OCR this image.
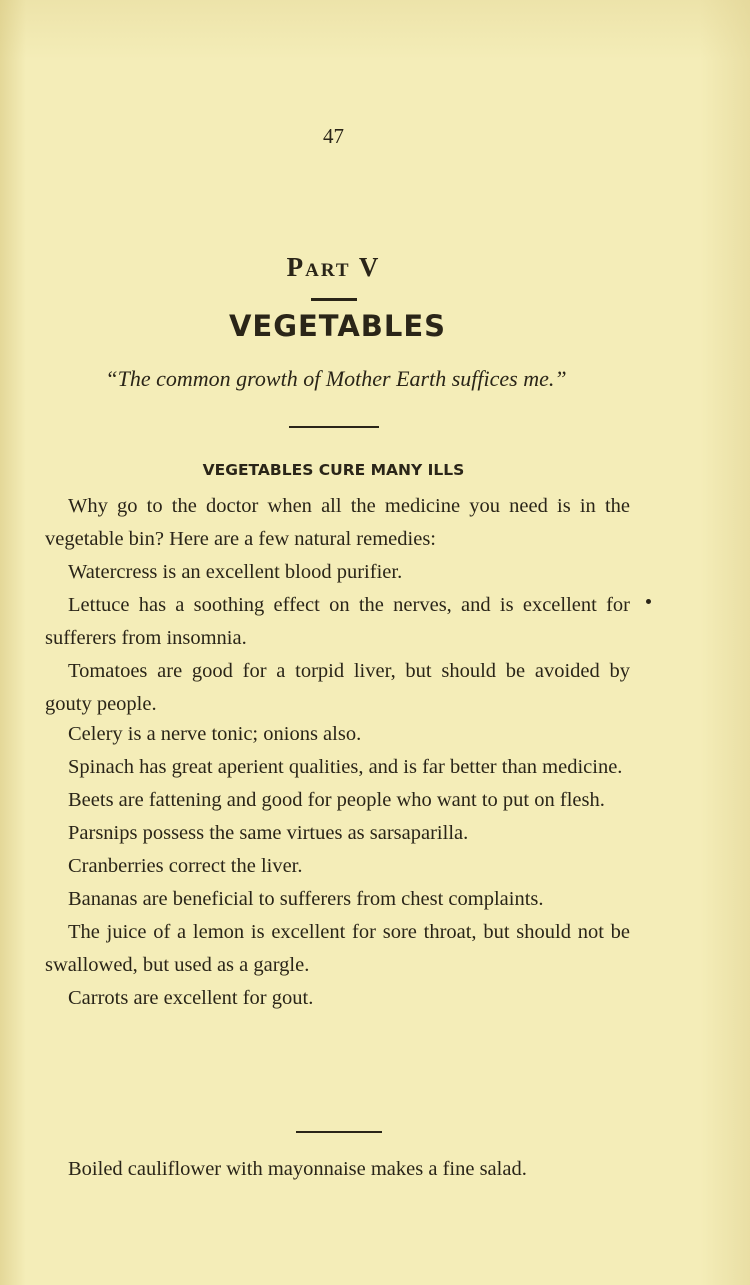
47
Part V
VEGETABLES
“The common growth of Mother Earth suffices me.”
VEGETABLES CURE MANY ILLS

Why go to the doctor when all the medicine you need is in the vegetable bin? Here are a few natural remedies:

Watercress is an excellent blood purifier.

Lettuce has a soothing effect on the nerves, and is excellent for sufferers from insomnia.

Tomatoes are good for a torpid liver, but should be avoided by gouty people.

Celery is a nerve tonic; onions also.

Spinach has great aperient qualities, and is far better than medicine.

Beets are fattening and good for people who want to put on flesh.

Parsnips possess the same virtues as sarsaparilla.

Cranberries correct the liver.

Bananas are beneficial to sufferers from chest complaints.

The juice of a lemon is excellent for sore throat, but should not be swallowed, but used as a gargle.

Carrots are excellent for gout.

Boiled cauliflower with mayonnaise makes a fine salad.
